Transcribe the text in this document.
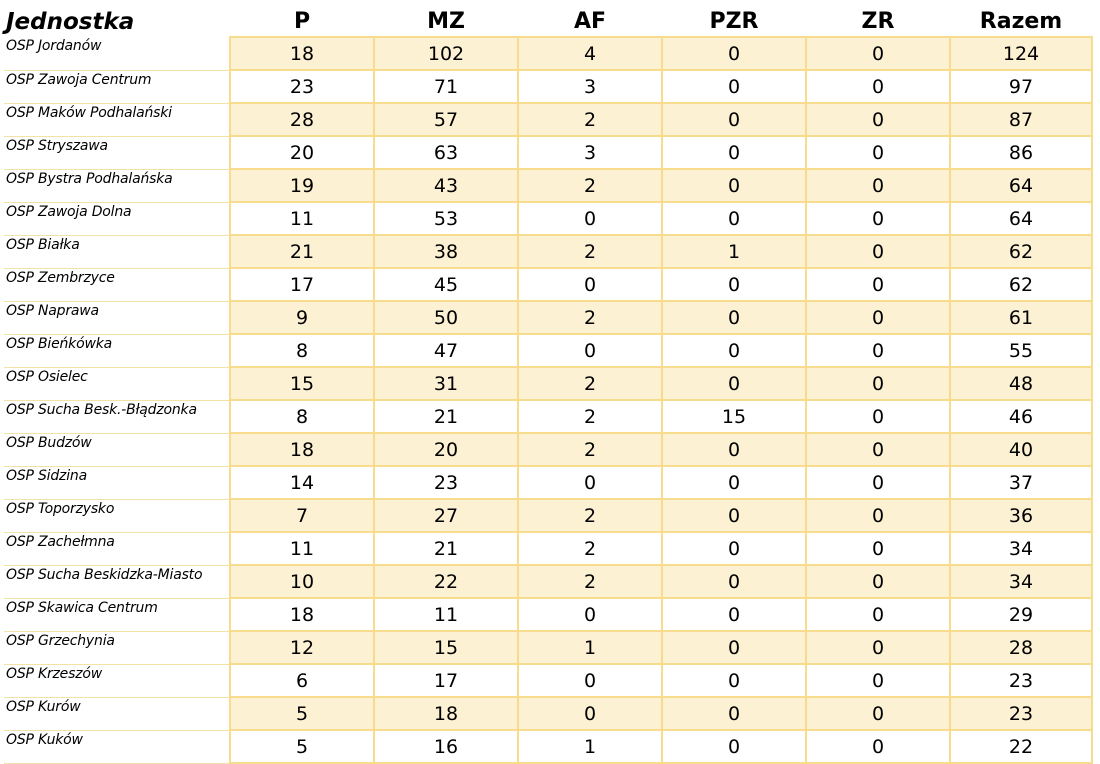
Jednostka	P	MZ	AF	PZR	ZR	Razem
OSP Jordanów	18	102	4	0	0	124
OSP Zawoja Centrum	23	71	3	0	0	97
OSP Maków Podhalański	28	57	2	0	0	87
OSP Stryszawa	20	63	3	0	0	86
OSP Bystra Podhalańska	19	43	2	0	0	64
OSP Zawoja Dolna	11	53	0	0	0	64
OSP Białka	21	38	2	1	0	62
OSP Zembrzyce	17	45	0	0	0	62
OSP Naprawa	9	50	2	0	0	61
OSP Bieńkówka	8	47	0	0	0	55
OSP Osielec	15	31	2	0	0	48
OSP Sucha Besk.-Błądzonka	8	21	2	15	0	46
OSP Budzów	18	20	2	0	0	40
OSP Sidzina	14	23	0	0	0	37
OSP Toporzysko	7	27	2	0	0	36
OSP Zachełmna	11	21	2	0	0	34
OSP Sucha Beskidzka-Miasto	10	22	2	0	0	34
OSP Skawica Centrum	18	11	0	0	0	29
OSP Grzechynia	12	15	1	0	0	28
OSP Krzeszów	6	17	0	0	0	23
OSP Kurów	5	18	0	0	0	23
OSP Kuków	5	16	1	0	0	22
